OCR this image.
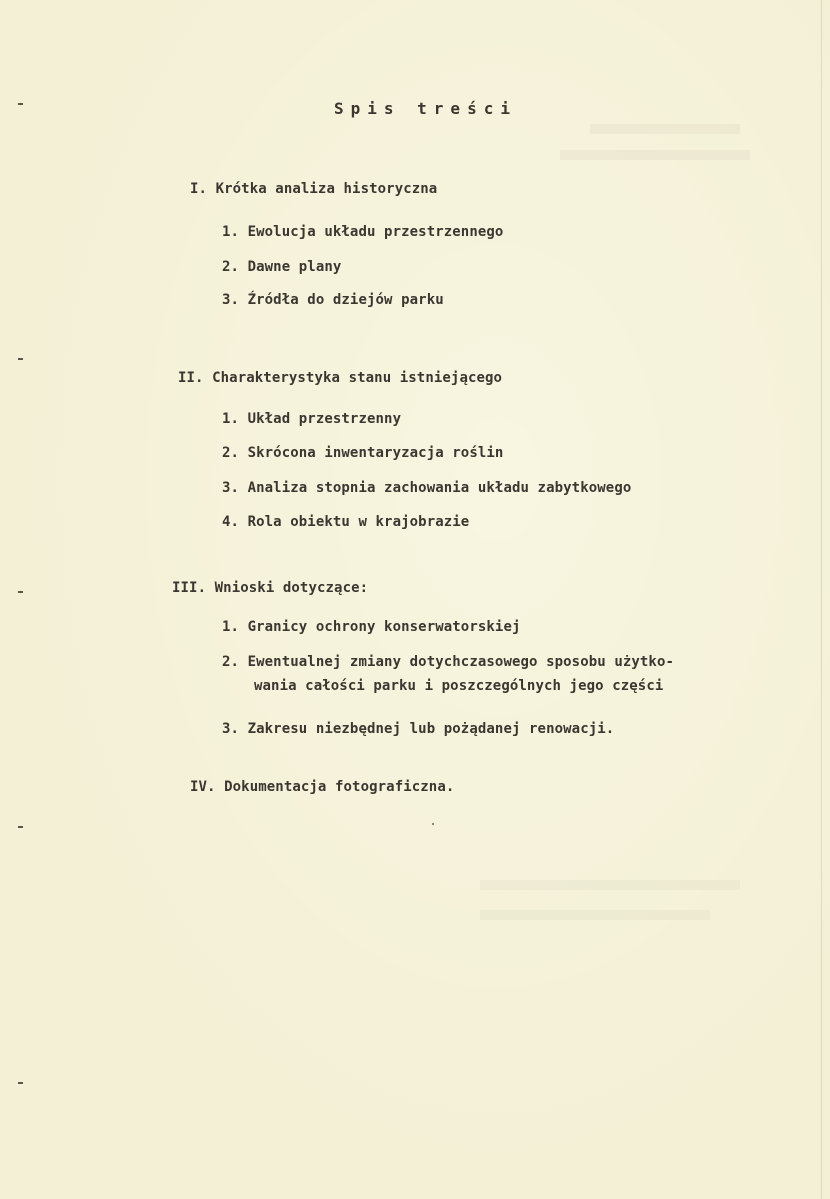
Spis treści
I. Krótka analiza historyczna
1. Ewolucja układu przestrzennego
2. Dawne plany
3. Źródła do dziejów parku
II. Charakterystyka stanu istniejącego
1. Układ przestrzenny
2. Skrócona inwentaryzacja roślin
3. Analiza stopnia zachowania układu zabytkowego
4. Rola obiektu w krajobrazie
III. Wnioski dotyczące:
1. Granicy ochrony konserwatorskiej
2. Ewentualnej zmiany dotychczasowego sposobu użytko-
wania całości parku i poszczególnych jego części
3. Zakresu niezbędnej lub pożądanej renowacji.
IV. Dokumentacja fotograficzna.
